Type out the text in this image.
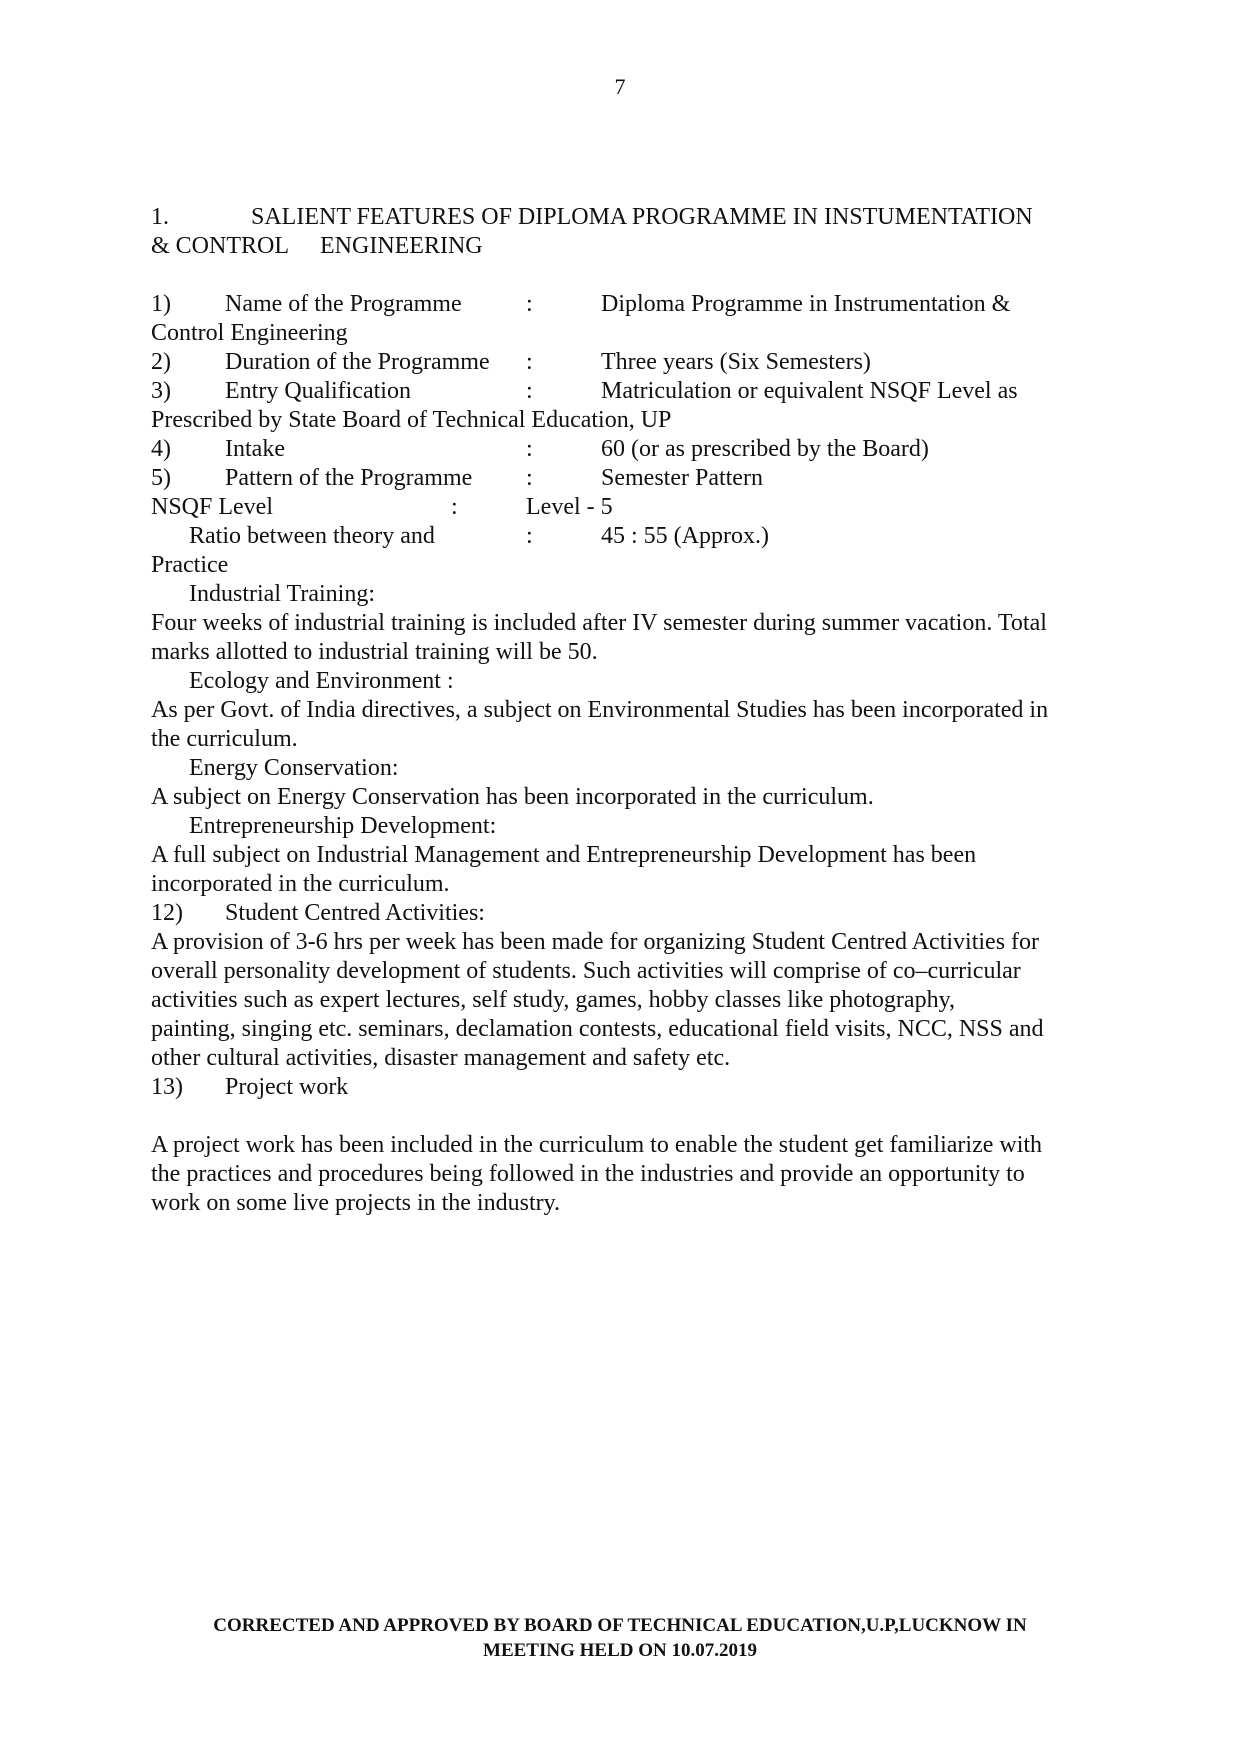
7
1.	SALIENT FEATURES OF DIPLOMA PROGRAMME IN INSTUMENTATION
& CONTROL ENGINEERING
1) Name of the Programme	:	Diploma Programme in Instrumentation &
Control Engineering
2) Duration of the Programme :	Three years (Six Semesters)
3) Entry Qualification	:	Matriculation or equivalent NSQF Level as
Prescribed by State Board of Technical Education, UP
4) Intake	:	60 (or as prescribed by the Board)
5) Pattern of the Programme :	Semester Pattern
NSQF Level	:	Level - 5
Ratio between theory and	:	45 : 55 (Approx.)
Practice
Industrial Training:
Four weeks of industrial training is included after IV semester during summer vacation. Total
marks allotted to industrial training will be 50.
Ecology and Environment :
As per Govt. of India directives, a subject on Environmental Studies has been incorporated in
the curriculum.
Energy Conservation:
A subject on Energy Conservation has been incorporated in the curriculum.
Entrepreneurship Development:
A full subject on Industrial Management and Entrepreneurship Development has been
incorporated in the curriculum.
12) Student Centred Activities:
A provision of 3-6 hrs per week has been made for organizing Student Centred Activities for
overall personality development of students. Such activities will comprise of co–curricular
activities such as expert lectures, self study, games, hobby classes like photography,
painting, singing etc. seminars, declamation contests, educational field visits, NCC, NSS and
other cultural activities, disaster management and safety etc.
13) Project work
A project work has been included in the curriculum to enable the student get familiarize with
the practices and procedures being followed in the industries and provide an opportunity to
work on some live projects in the industry.
CORRECTED AND APPROVED BY BOARD OF TECHNICAL EDUCATION,U.P,LUCKNOW IN
MEETING HELD ON 10.07.2019
